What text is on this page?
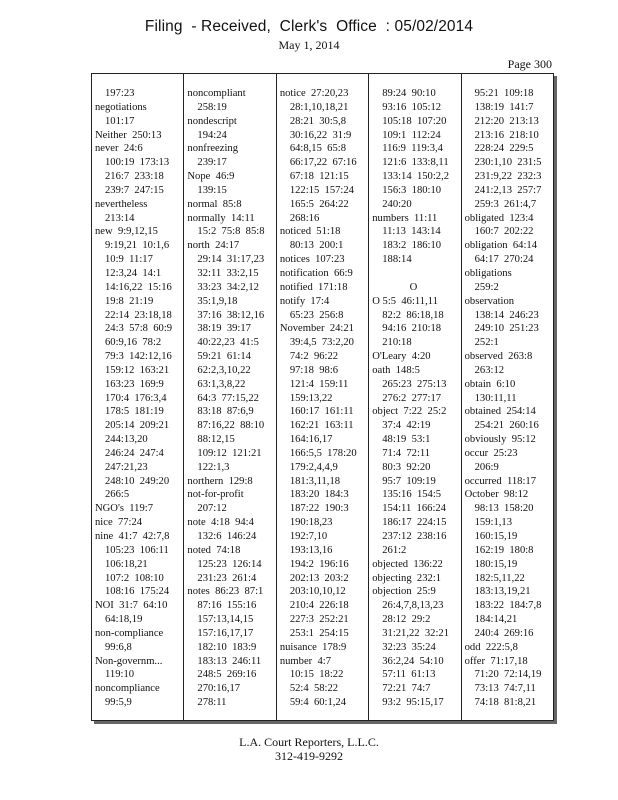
Filing  - Received,  Clerk's  Office  : 05/02/2014
May 1, 2014
Page 300
197:23
negotiations
101:17
Neither  250:13
never  24:6
100:19  173:13
216:7  233:18
239:7  247:15
nevertheless
213:14
new  9:9,12,15
9:19,21  10:1,6
10:9  11:17
12:3,24  14:1
14:16,22  15:16
19:8  21:19
22:14  23:18,18
24:3  57:8  60:9
60:9,16  78:2
79:3  142:12,16
159:12  163:21
163:23  169:9
170:4  176:3,4
178:5  181:19
205:14  209:21
244:13,20
246:24  247:4
247:21,23
248:10  249:20
266:5
NGO's  119:7
nice  77:24
nine  41:7  42:7,8
105:23  106:11
106:18,21
107:2  108:10
108:16  175:24
NOI  31:7  64:10
64:18,19
non-compliance
99:6,8
Non-governm...
119:10
noncompliance
99:5,9
noncompliant
258:19
nondescript
194:24
nonfreezing
239:17
Nope  46:9
139:15
normal  85:8
normally  14:11
15:2  75:8  85:8
north  24:17
29:14  31:17,23
32:11  33:2,15
33:23  34:2,12
35:1,9,18
37:16  38:12,16
38:19  39:17
40:22,23  41:5
59:21  61:14
62:2,3,10,22
63:1,3,8,22
64:3  77:15,22
83:18  87:6,9
87:16,22  88:10
88:12,15
109:12  121:21
122:1,3
northern  129:8
not-for-profit
207:12
note  4:18  94:4
132:6  146:24
noted  74:18
125:23  126:14
231:23  261:4
notes  86:23  87:1
87:16  155:16
157:13,14,15
157:16,17,17
182:10  183:9
183:13  246:11
248:5  269:16
270:16,17
278:11
notice  27:20,23
28:1,10,18,21
28:21  30:5,8
30:16,22  31:9
64:8,15  65:8
66:17,22  67:16
67:18  121:15
122:15  157:24
165:5  264:22
268:16
noticed  51:18
80:13  200:1
notices  107:23
notification  66:9
notified  171:18
notify  17:4
65:23  256:8
November  24:21
39:4,5  73:2,20
74:2  96:22
97:18  98:6
121:4  159:11
159:13,22
160:17  161:11
162:21  163:11
164:16,17
166:5,5  178:20
179:2,4,4,9
181:3,11,18
183:20  184:3
187:22  190:3
190:18,23
192:7,10
193:13,16
194:2  196:16
202:13  203:2
203:10,10,12
210:4  226:18
227:3  252:21
253:1  254:15
nuisance  178:9
number  4:7
10:15  18:22
52:4  58:22
59:4  60:1,24
89:24  90:10
93:16  105:12
105:18  107:20
109:1  112:24
116:9  119:3,4
121:6  133:8,11
133:14  150:2,2
156:3  180:10
240:20
numbers  11:11
11:13  143:14
183:2  186:10
188:14
O
O 5:5  46:11,11
82:2  86:18,18
94:16  210:18
210:18
O'Leary  4:20
oath  148:5
265:23  275:13
276:2  277:17
object  7:22  25:2
37:4  42:19
48:19  53:1
71:4  72:11
80:3  92:20
95:7  109:19
135:16  154:5
154:11  166:24
186:17  224:15
237:12  238:16
261:2
objected  136:22
objecting  232:1
objection  25:9
26:4,7,8,13,23
28:12  29:2
31:21,22  32:21
32:23  35:24
36:2,24  54:10
57:11  61:13
72:21  74:7
93:2  95:15,17
95:21  109:18
138:19  141:7
212:20  213:13
213:16  218:10
228:24  229:5
230:1,10  231:5
231:9,22  232:3
241:2,13  257:7
259:3  261:4,7
obligated  123:4
160:7  202:22
obligation  64:14
64:17  270:24
obligations
259:2
observation
138:14  246:23
249:10  251:23
252:1
observed  263:8
263:12
obtain  6:10
130:11,11
obtained  254:14
254:21  260:16
obviously  95:12
occur  25:23
206:9
occurred  118:17
October  98:12
98:13  158:20
159:1,13
160:15,19
162:19  180:8
180:15,19
182:5,11,22
183:13,19,21
183:22  184:7,8
184:14,21
240:4  269:16
odd  222:5,8
offer  71:17,18
71:20  72:14,19
73:13  74:7,11
74:18  81:8,21
L.A. Court Reporters, L.L.C.
312-419-9292
